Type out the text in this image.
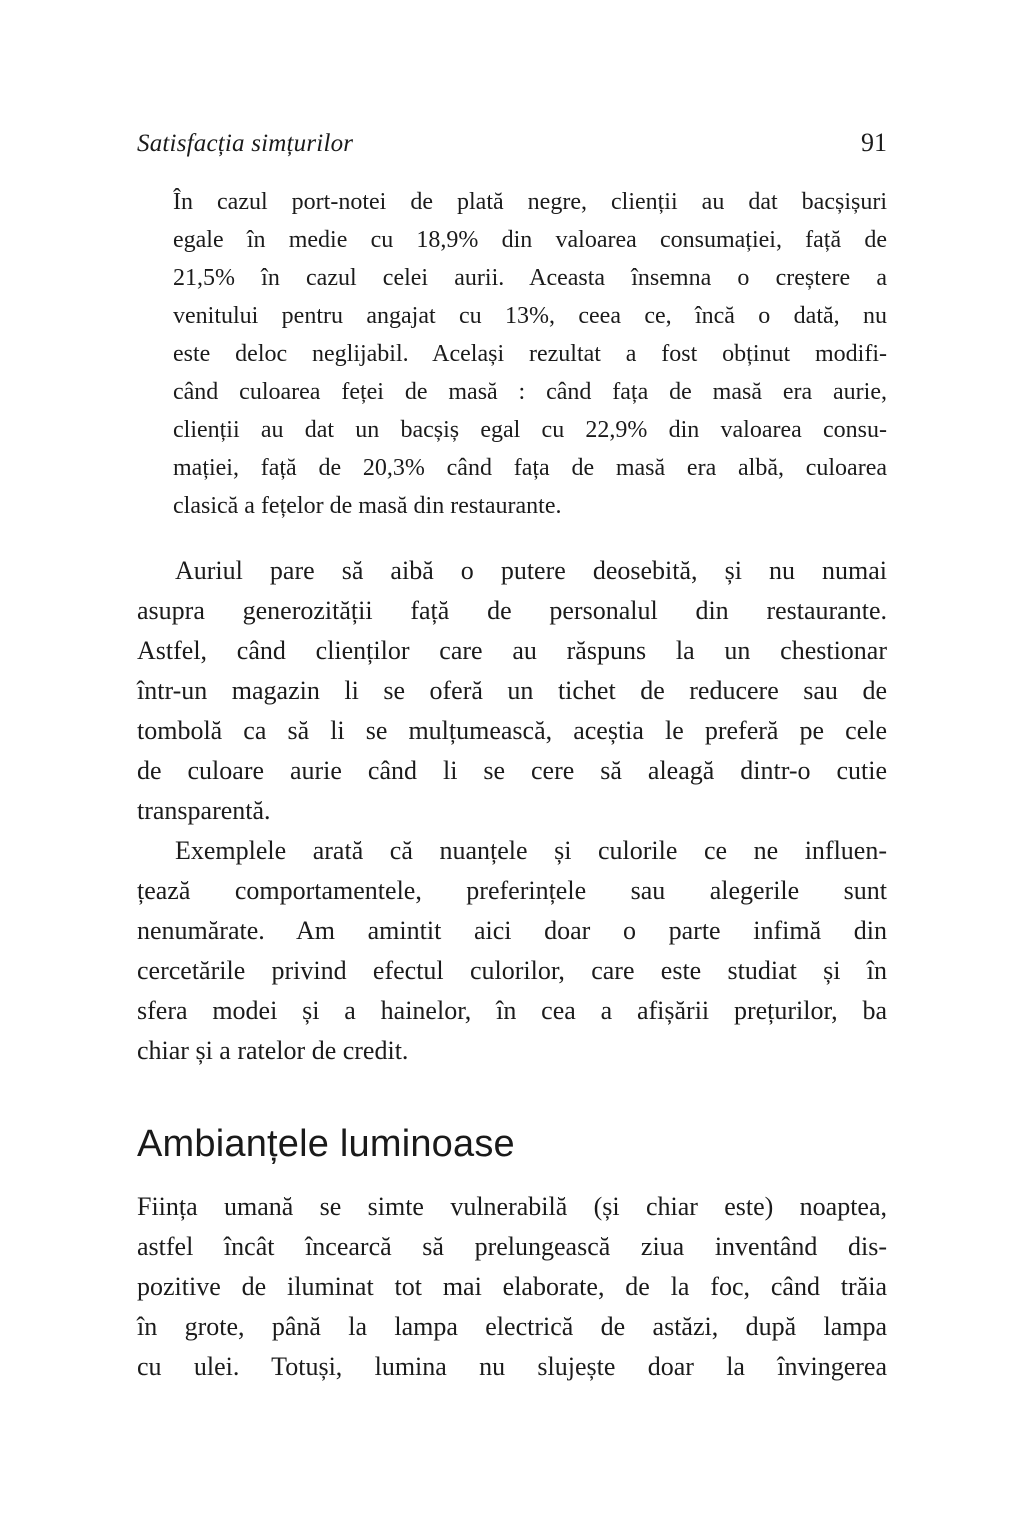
Satisfacția simțurilor	91
În cazul port-notei de plată negre, clienții au dat bacșișuri
egale în medie cu 18,9% din valoarea consumației, față de
21,5% în cazul celei aurii. Aceasta însemna o creștere a
venitului pentru angajat cu 13%, ceea ce, încă o dată, nu
este deloc neglijabil. Același rezultat a fost obținut modifi-
când culoarea feței de masă : când fața de masă era aurie,
clienții au dat un bacșiș egal cu 22,9% din valoarea consu-
mației, față de 20,3% când fața de masă era albă, culoarea
clasică a fețelor de masă din restaurante.
Auriul pare să aibă o putere deosebită, și nu numai
asupra generozității față de personalul din restaurante.
Astfel, când clienților care au răspuns la un chestionar
într-un magazin li se oferă un tichet de reducere sau de
tombolă ca să li se mulțumească, aceștia le preferă pe cele
de culoare aurie când li se cere să aleagă dintr-o cutie
transparentă.
Exemplele arată că nuanțele și culorile ce ne influen-
țează comportamentele, preferințele sau alegerile sunt
nenumărate. Am amintit aici doar o parte infimă din
cercetările privind efectul culorilor, care este studiat și în
sfera modei și a hainelor, în cea a afișării prețurilor, ba
chiar și a ratelor de credit.
Ambianțele luminoase
Ființa umană se simte vulnerabilă (și chiar este) noaptea,
astfel încât încearcă să prelungească ziua inventând dis-
pozitive de iluminat tot mai elaborate, de la foc, când trăia
în grote, până la lampa electrică de astăzi, după lampa
cu ulei. Totuși, lumina nu slujește doar la învingerea
